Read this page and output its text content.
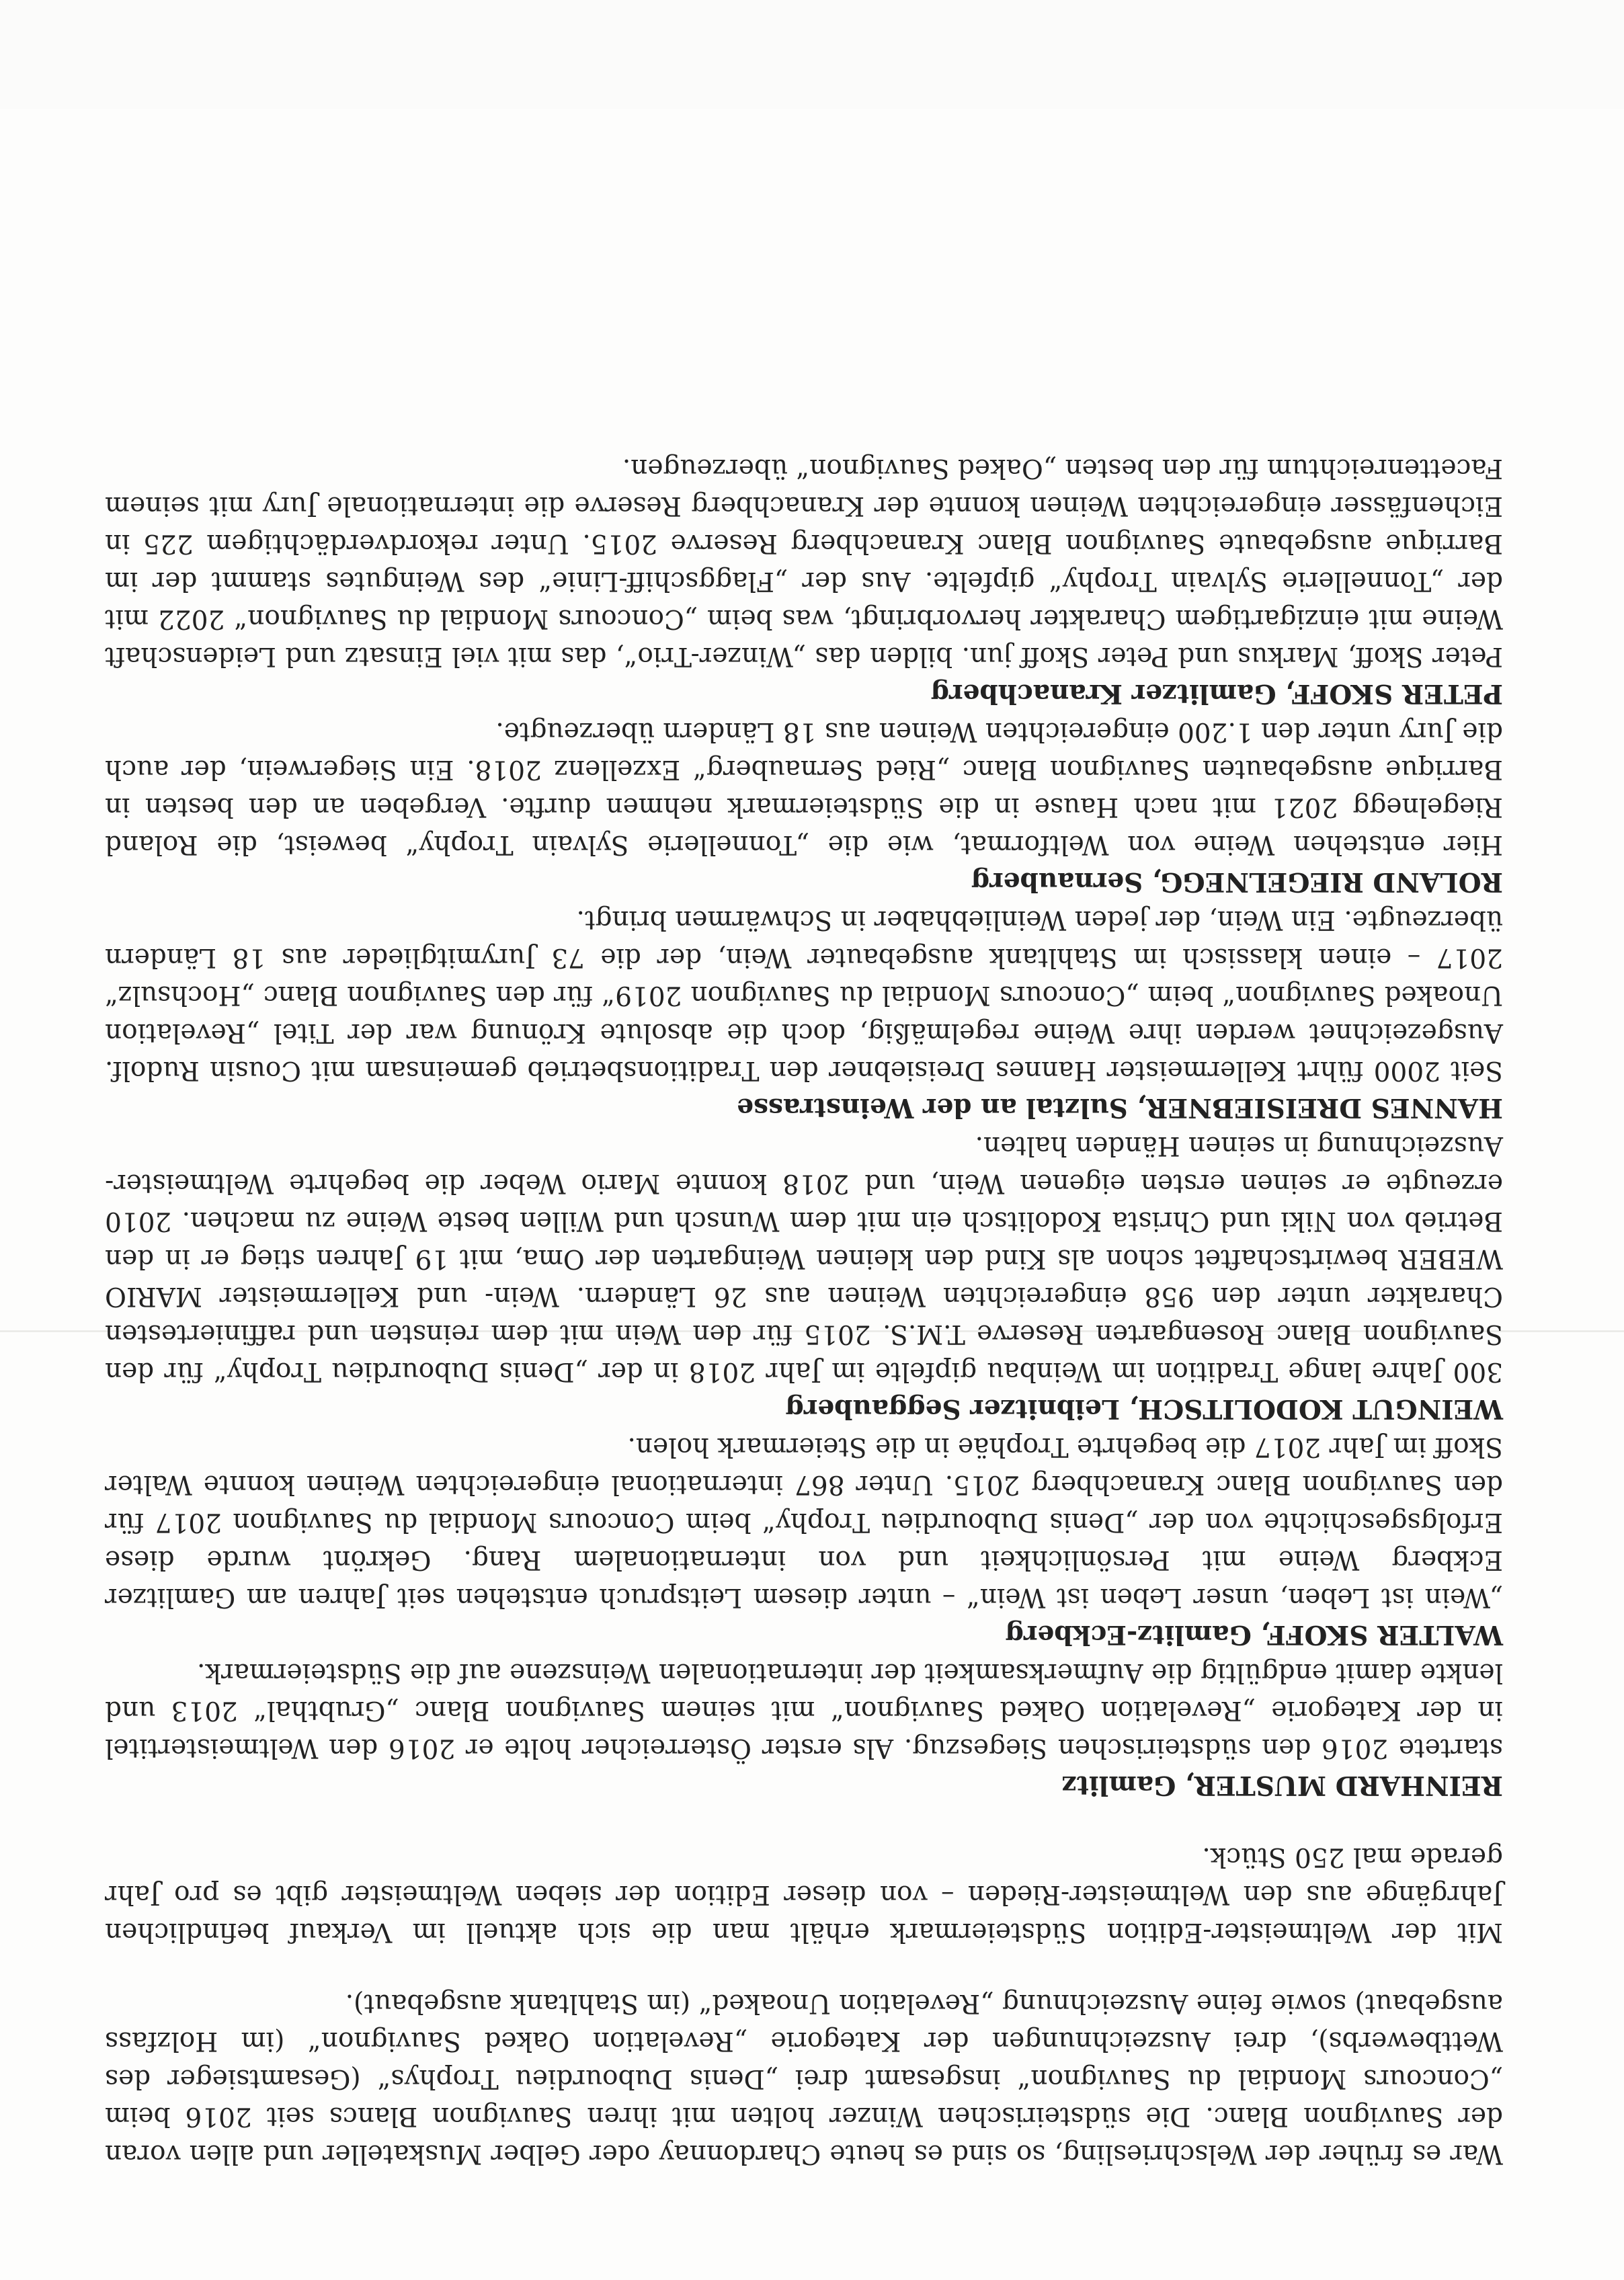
War es früher der Welschriesling, so sind es heute Chardonnay oder Gelber Muskateller und allen voran der Sauvignon Blanc. Die südsteirischen Winzer holten mit ihren Sauvignon Blancs seit 2016 beim „Concours Mondial du Sauvignon“ insgesamt drei „Denis Dubourdieu Trophys“ (Gesamtsieger des Wettbewerbs), drei Auszeichnungen der Kategorie „Revelation Oaked Sauvignon“ (im Holzfass ausgebaut) sowie feine Auszeichnung „Revelation Unoaked“ (im Stahltank ausgebaut).

Mit der Weltmeister-Edition Südsteiermark erhält man die sich aktuell im Verkauf befindlichen Jahrgänge aus den Weltmeister-Rieden – von dieser Edition der sieben Weltmeister gibt es pro Jahr gerade mal 250 Stück.

REINHARD MUSTER, Gamlitz

startete 2016 den südsteirischen Siegeszug. Als erster Österreicher holte er 2016 den Weltmeistertitel in der Kategorie „Revelation Oaked Sauvignon“ mit seinem Sauvignon Blanc „Grubthal“ 2013 und lenkte damit endgültig die Aufmerksamkeit der internationalen Weinszene auf die Südsteiermark.

WALTER SKOFF, Gamlitz-Eckberg

„Wein ist Leben, unser Leben ist Wein“ – unter diesem Leitspruch entstehen seit Jahren am Gamlitzer Eckberg Weine mit Persönlichkeit und von internationalem Rang. Gekrönt wurde diese Erfolgsgeschichte von der „Denis Dubourdieu Trophy“ beim Concours Mondial du Sauvignon 2017 für den Sauvignon Blanc Kranachberg 2015. Unter 867 international eingereichten Weinen konnte Walter Skoff im Jahr 2017 die begehrte Trophäe in die Steiermark holen.

WEINGUT KODOLITSCH, Leibnitzer Seggauberg

300 Jahre lange Tradition im Weinbau gipfelte im Jahr 2018 in der „Denis Dubourdieu Trophy“ für den Sauvignon Blanc Rosengarten Reserve T.M.S. 2015 für den Wein mit dem reinsten und raffiniertesten Charakter unter den 958 eingereichten Weinen aus 26 Ländern. Wein- und Kellermeister MARIO WEBER bewirtschaftet schon als Kind den kleinen Weingarten der Oma, mit 19 Jahren stieg er in den Betrieb von Niki und Christa Kodolitsch ein mit dem Wunsch und Willen beste Weine zu machen. 2010 erzeugte er seinen ersten eigenen Wein, und 2018 konnte Mario Weber die begehrte Weltmeister-Auszeichnung in seinen Händen halten.

HANNES DREISIEBNER, Sulztal an der Weinstrasse

Seit 2000 führt Kellermeister Hannes Dreisiebner den Traditionsbetrieb gemeinsam mit Cousin Rudolf. Ausgezeichnet werden ihre Weine regelmäßig, doch die absolute Krönung war der Titel „Revelation Unoaked Sauvignon“ beim „Concours Mondial du Sauvignon 2019“ für den Sauvignon Blanc „Hochsulz“ 2017 – einen klassisch im Stahltank ausgebauter Wein, der die 73 Jurymitglieder aus 18 Ländern überzeugte. Ein Wein, der jeden Weinliebhaber in Schwärmen bringt.

ROLAND RIEGELNEGG, Sernauberg

Hier entstehen Weine von Weltformat, wie die „Tonnellerie Sylvain Trophy“ beweist, die Roland Riegelnegg 2021 mit nach Hause in die Südsteiermark nehmen durfte. Vergeben an den besten in Barrique ausgebauten Sauvignon Blanc „Ried Sernauberg“ Exzellenz 2018. Ein Siegerwein, der auch die Jury unter den 1.200 eingereichten Weinen aus 18 Ländern überzeugte.

PETER SKOFF, Gamlitzer Kranachberg

Peter Skoff, Markus und Peter Skoff jun. bilden das „Winzer-Trio“, das mit viel Einsatz und Leidenschaft Weine mit einzigartigem Charakter hervorbringt, was beim „Concours Mondial du Sauvignon“ 2022 mit der „Tonnellerie Sylvain Trophy“ gipfelte. Aus der „Flaggschiff-Linie“ des Weingutes stammt der im Barrique ausgebaute Sauvignon Blanc Kranachberg Reserve 2015. Unter rekordverdächtigem 225 in Eichenfässer eingereichten Weinen konnte der Kranachberg Reserve die internationale Jury mit seinem Facettenreichtum für den besten „Oaked Sauvignon“ überzeugen.
